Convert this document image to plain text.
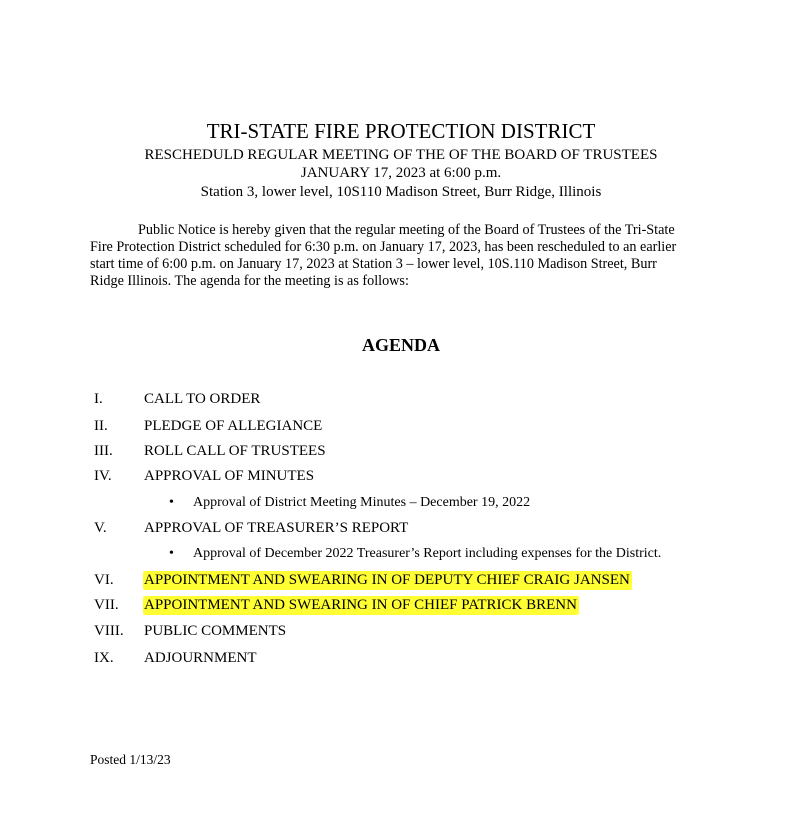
TRI-STATE FIRE PROTECTION DISTRICT
RESCHEDULD REGULAR MEETING OF THE OF THE BOARD OF TRUSTEES
JANUARY 17, 2023 at 6:00 p.m.
Station 3, lower level, 10S110 Madison Street, Burr Ridge, Illinois
Public Notice is hereby given that the regular meeting of the Board of Trustees of the Tri-State
Fire Protection District scheduled for 6:30 p.m. on January 17, 2023, has been rescheduled to an earlier
start time of 6:00 p.m. on January 17, 2023 at Station 3 – lower level, 10S.110 Madison Street, Burr
Ridge Illinois. The agenda for the meeting is as follows:
AGENDA
I.	CALL TO ORDER
II. PLEDGE OF ALLEGIANCE
III. ROLL CALL OF TRUSTEES
IV. APPROVAL OF MINUTES
• Approval of District Meeting Minutes – December 19, 2022
V. APPROVAL OF TREASURER’S REPORT
• Approval of December 2022 Treasurer’s Report including expenses for the District.
VI. APPOINTMENT AND SWEARING IN OF DEPUTY CHIEF CRAIG JANSEN
VII. APPOINTMENT AND SWEARING IN OF CHIEF PATRICK BRENN
VIII. PUBLIC COMMENTS
IX. ADJOURNMENT
Posted 1/13/23
